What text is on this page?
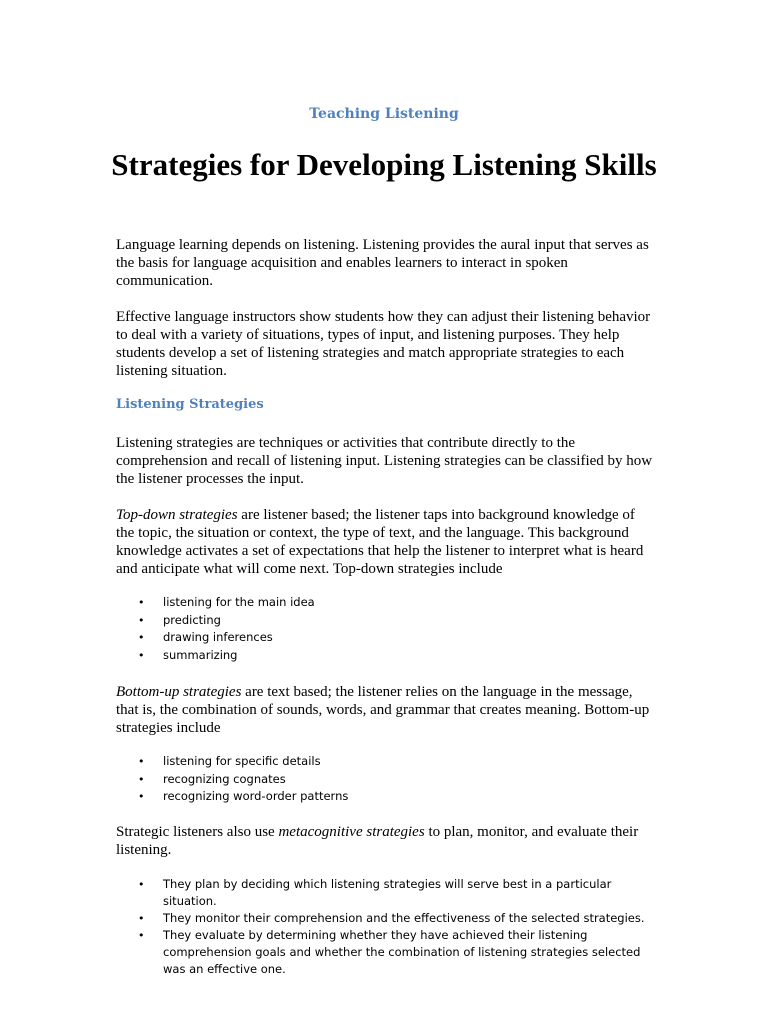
Teaching Listening
Strategies for Developing Listening Skills

Language learning depends on listening. Listening provides the aural input that serves as the basis for language acquisition and enables learners to interact in spoken communication.

Effective language instructors show students how they can adjust their listening behavior to deal with a variety of situations, types of input, and listening purposes. They help students develop a set of listening strategies and match appropriate strategies to each listening situation.

Listening Strategies

Listening strategies are techniques or activities that contribute directly to the comprehension and recall of listening input. Listening strategies can be classified by how the listener processes the input.

Top-down strategies are listener based; the listener taps into background knowledge of the topic, the situation or context, the type of text, and the language. This background knowledge activates a set of expectations that help the listener to interpret what is heard and anticipate what will come next. Top-down strategies include

• listening for the main idea
• predicting
• drawing inferences
• summarizing

Bottom-up strategies are text based; the listener relies on the language in the message, that is, the combination of sounds, words, and grammar that creates meaning. Bottom-up strategies include

• listening for specific details
• recognizing cognates
• recognizing word-order patterns

Strategic listeners also use metacognitive strategies to plan, monitor, and evaluate their listening.

• They plan by deciding which listening strategies will serve best in a particular situation.
• They monitor their comprehension and the effectiveness of the selected strategies.
• They evaluate by determining whether they have achieved their listening comprehension goals and whether the combination of listening strategies selected was an effective one.
